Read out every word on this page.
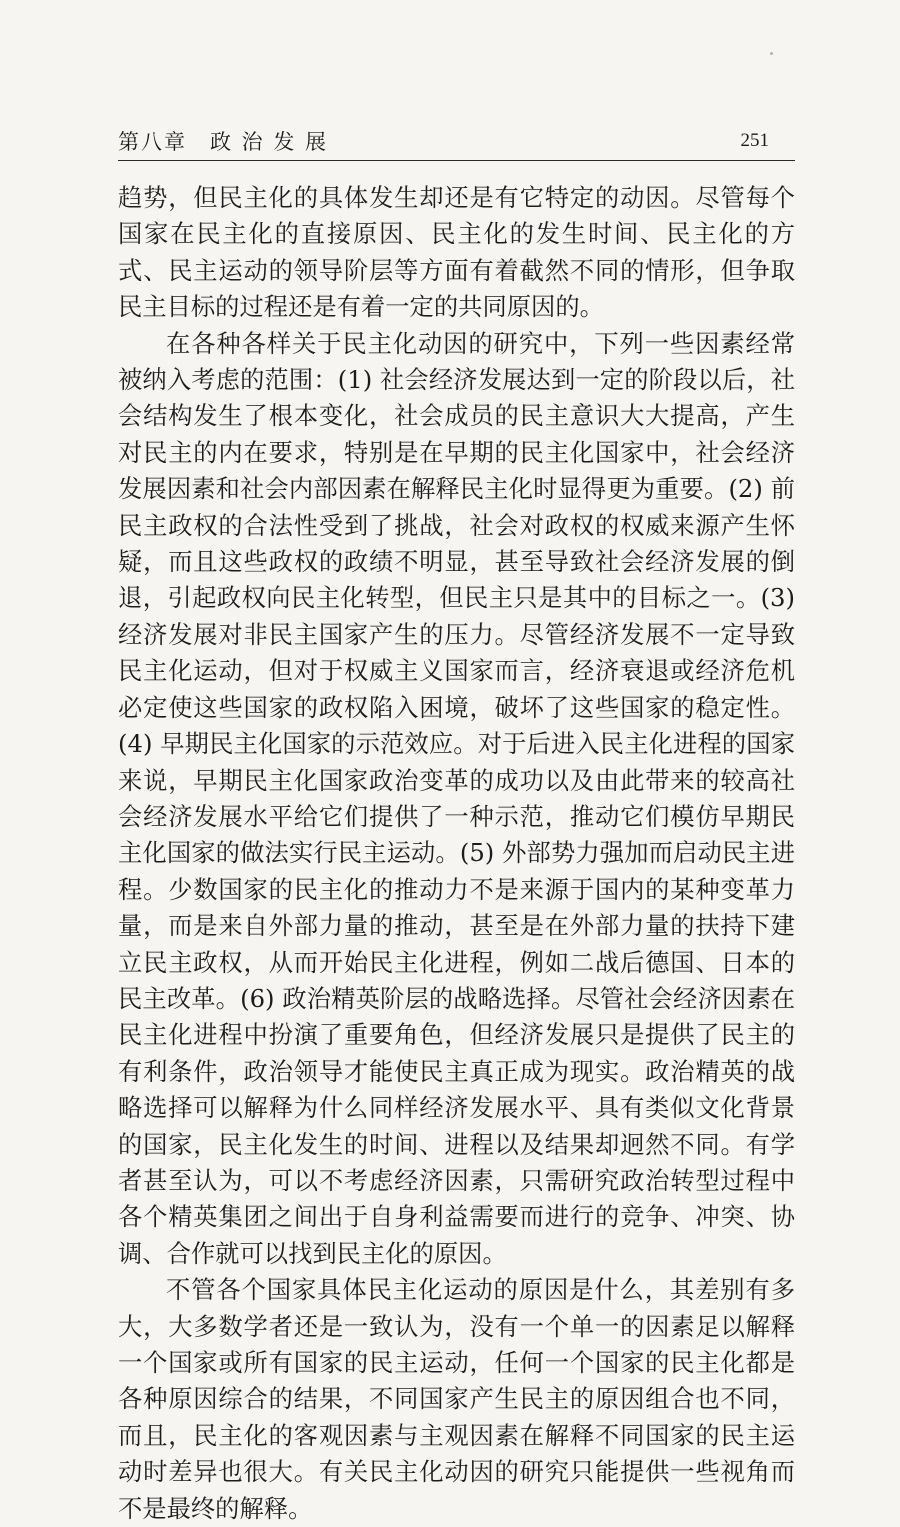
第八章　政 治 发 展	251

趋势，但民主化的具体发生却还是有它特定的动因。尽管每个国家在民主化的直接原因、民主化的发生时间、民主化的方式、民主运动的领导阶层等方面有着截然不同的情形，但争取民主目标的过程还是有着一定的共同原因的。

在各种各样关于民主化动因的研究中，下列一些因素经常被纳入考虑的范围：(1) 社会经济发展达到一定的阶段以后，社会结构发生了根本变化，社会成员的民主意识大大提高，产生对民主的内在要求，特别是在早期的民主化国家中，社会经济发展因素和社会内部因素在解释民主化时显得更为重要。(2) 前民主政权的合法性受到了挑战，社会对政权的权威来源产生怀疑，而且这些政权的政绩不明显，甚至导致社会经济发展的倒退，引起政权向民主化转型，但民主只是其中的目标之一。(3) 经济发展对非民主国家产生的压力。尽管经济发展不一定导致民主化运动，但对于权威主义国家而言，经济衰退或经济危机必定使这些国家的政权陷入困境，破坏了这些国家的稳定性。(4) 早期民主化国家的示范效应。对于后进入民主化进程的国家来说，早期民主化国家政治变革的成功以及由此带来的较高社会经济发展水平给它们提供了一种示范，推动它们模仿早期民主化国家的做法实行民主运动。(5) 外部势力强加而启动民主进程。少数国家的民主化的推动力不是来源于国内的某种变革力量，而是来自外部力量的推动，甚至是在外部力量的扶持下建立民主政权，从而开始民主化进程，例如二战后德国、日本的民主改革。(6) 政治精英阶层的战略选择。尽管社会经济因素在民主化进程中扮演了重要角色，但经济发展只是提供了民主的有利条件，政治领导才能使民主真正成为现实。政治精英的战略选择可以解释为什么同样经济发展水平、具有类似文化背景的国家，民主化发生的时间、进程以及结果却迥然不同。有学者甚至认为，可以不考虑经济因素，只需研究政治转型过程中各个精英集团之间出于自身利益需要而进行的竞争、冲突、协调、合作就可以找到民主化的原因。

不管各个国家具体民主化运动的原因是什么，其差别有多大，大多数学者还是一致认为，没有一个单一的因素足以解释一个国家或所有国家的民主运动，任何一个国家的民主化都是各种原因综合的结果，不同国家产生民主的原因组合也不同，而且，民主化的客观因素与主观因素在解释不同国家的民主运动时差异也很大。有关民主化动因的研究只能提供一些视角而不是最终的解释。
